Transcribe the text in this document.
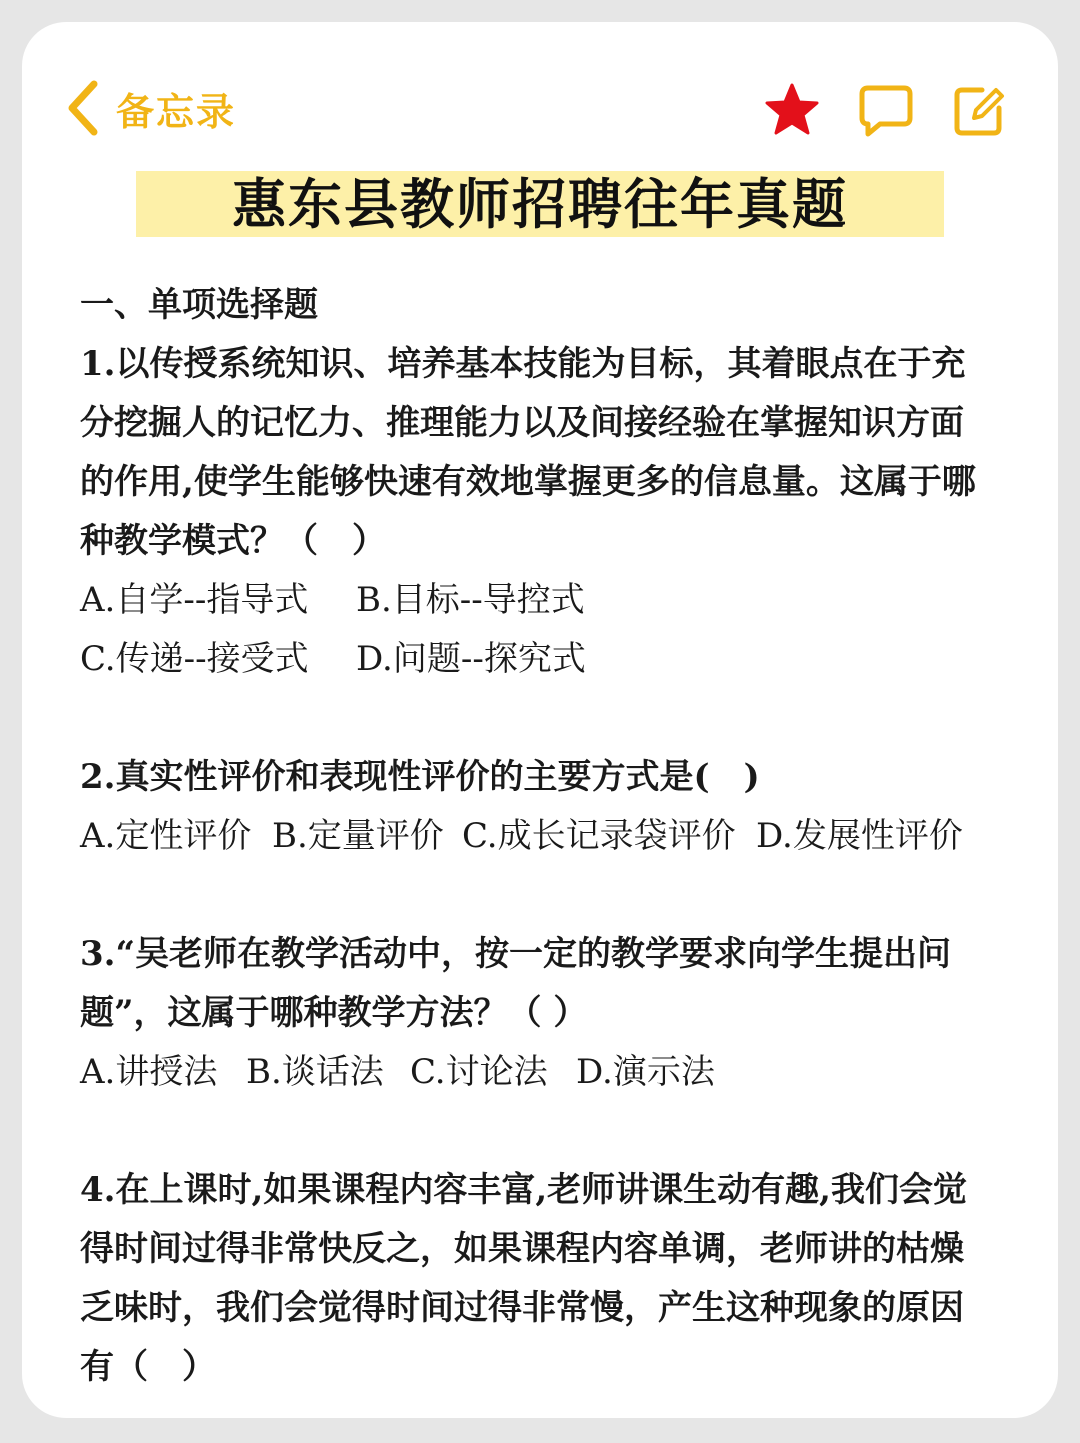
备忘录
惠东县教师招聘往年真题

一、单项选择题

1.以传授系统知识、培养基本技能为目标，其着眼点在于充

分挖掘人的记忆力、推理能力以及间接经验在掌握知识方面

的作用,使学生能够快速有效地掌握更多的信息量。这属于哪

种教学模式？（　）

A.自学--指导式	B.目标--导控式
C.传递--接受式	D.问题--探究式

2.真实性评价和表现性评价的主要方式是(　)

A.定性评价 B.定量评价 C.成长记录袋评价 D.发展性评价

3.“吴老师在教学活动中，按一定的教学要求向学生提出问

题”，这属于哪种教学方法？（ ）

A.讲授法 B.谈话法 C.讨论法 D.演示法

4.在上课时,如果课程内容丰富,老师讲课生动有趣,我们会觉

得时间过得非常快反之，如果课程内容单调，老师讲的枯燥

乏味时，我们会觉得时间过得非常慢，产生这种现象的原因

有（　）
